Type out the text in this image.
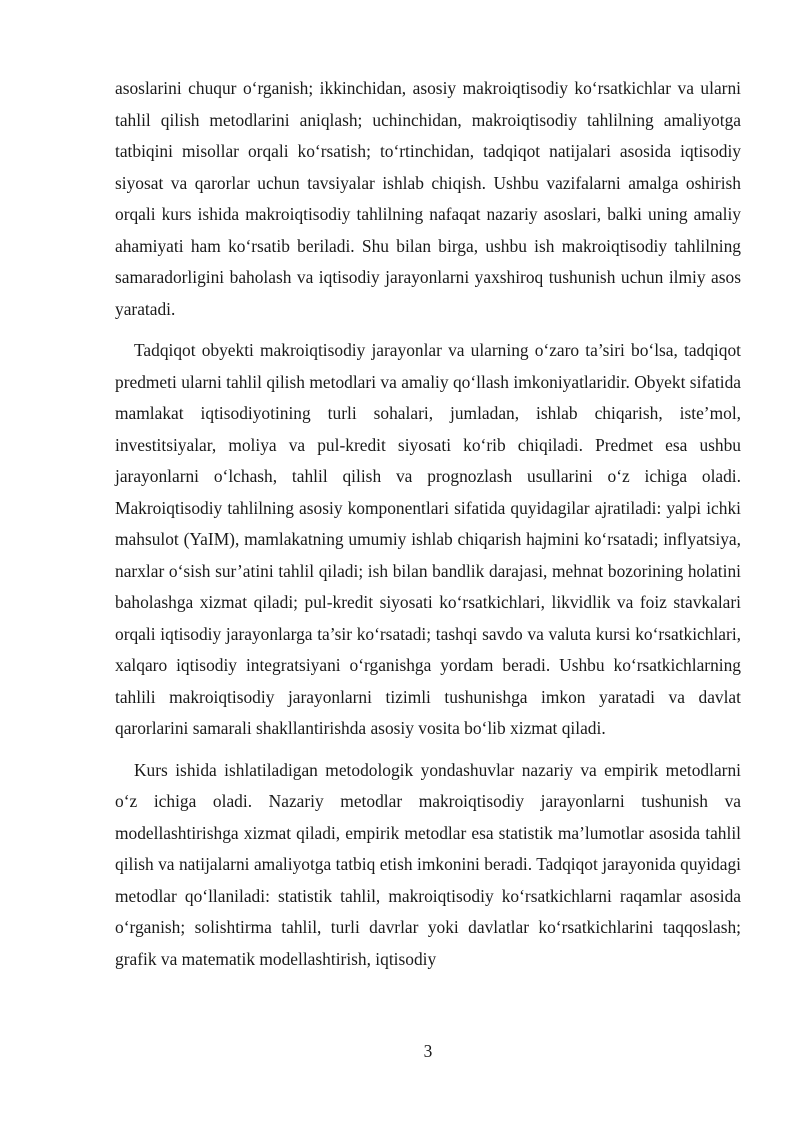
asoslarini chuqur o‘rganish; ikkinchidan, asosiy makroiqtisodiy ko‘rsatkichlar va ularni tahlil qilish metodlarini aniqlash; uchinchidan, makroiqtisodiy tahlilning amaliyotga tatbiqini misollar orqali ko‘rsatish; to‘rtinchidan, tadqiqot natijalari asosida iqtisodiy siyosat va qarorlar uchun tavsiyalar ishlab chiqish. Ushbu vazifalarni amalga oshirish orqali kurs ishida makroiqtisodiy tahlilning nafaqat nazariy asoslari, balki uning amaliy ahamiyati ham ko‘rsatib beriladi. Shu bilan birga, ushbu ish makroiqtisodiy tahlilning samaradorligini baholash va iqtisodiy jarayonlarni yaxshiroq tushunish uchun ilmiy asos yaratadi.

Tadqiqot obyekti makroiqtisodiy jarayonlar va ularning o‘zaro ta’siri bo‘lsa, tadqiqot predmeti ularni tahlil qilish metodlari va amaliy qo‘llash imkoniyatlaridir. Obyekt sifatida mamlakat iqtisodiyotining turli sohalari, jumladan, ishlab chiqarish, iste’mol, investitsiyalar, moliya va pul-kredit siyosati ko‘rib chiqiladi. Predmet esa ushbu jarayonlarni o‘lchash, tahlil qilish va prognozlash usullarini o‘z ichiga oladi. Makroiqtisodiy tahlilning asosiy komponentlari sifatida quyidagilar ajratiladi: yalpi ichki mahsulot (YaIM), mamlakatning umumiy ishlab chiqarish hajmini ko‘rsatadi; inflyatsiya, narxlar o‘sish sur’atini tahlil qiladi; ish bilan bandlik darajasi, mehnat bozorining holatini baholashga xizmat qiladi; pul-kredit siyosati ko‘rsatkichlari, likvidlik va foiz stavkalari orqali iqtisodiy jarayonlarga ta’sir ko‘rsatadi; tashqi savdo va valuta kursi ko‘rsatkichlari, xalqaro iqtisodiy integratsiyani o‘rganishga yordam beradi. Ushbu ko‘rsatkichlarning tahlili makroiqtisodiy jarayonlarni tizimli tushunishga imkon yaratadi va davlat qarorlarini samarali shakllantirishda asosiy vosita bo‘lib xizmat qiladi.

Kurs ishida ishlatiladigan metodologik yondashuvlar nazariy va empirik metodlarni o‘z ichiga oladi. Nazariy metodlar makroiqtisodiy jarayonlarni tushunish va modellashtirishga xizmat qiladi, empirik metodlar esa statistik ma’lumotlar asosida tahlil qilish va natijalarni amaliyotga tatbiq etish imkonini beradi. Tadqiqot jarayonida quyidagi metodlar qo‘llaniladi: statistik tahlil, makroiqtisodiy ko‘rsatkichlarni raqamlar asosida o‘rganish; solishtirma tahlil, turli davrlar yoki davlatlar ko‘rsatkichlarini taqqoslash; grafik va matematik modellashtirish, iqtisodiy

3
